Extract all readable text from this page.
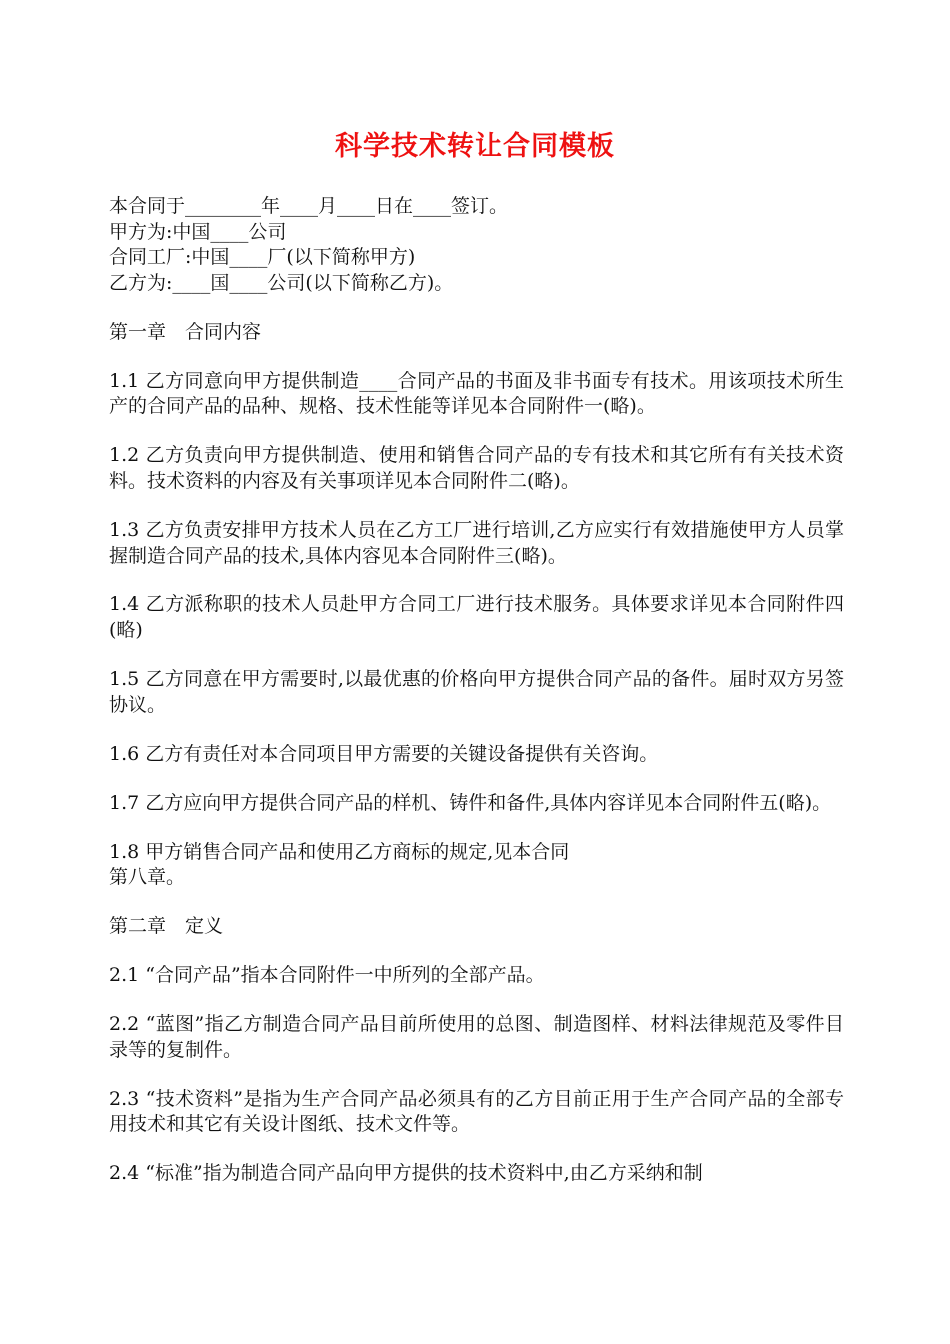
科学技术转让合同模板

本合同于________年____月____日在____签订。
甲方为:中国____公司
合同工厂:中国____厂(以下简称甲方)
乙方为:____国____公司(以下简称乙方)。

第一章　合同内容

1.1 乙方同意向甲方提供制造____合同产品的书面及非书面专有技术。用该项技术所生产的合同产品的品种、规格、技术性能等详见本合同附件一(略)。

1.2 乙方负责向甲方提供制造、使用和销售合同产品的专有技术和其它所有有关技术资料。技术资料的内容及有关事项详见本合同附件二(略)。

1.3 乙方负责安排甲方技术人员在乙方工厂进行培训,乙方应实行有效措施使甲方人员掌握制造合同产品的技术,具体内容见本合同附件三(略)。

1.4 乙方派称职的技术人员赴甲方合同工厂进行技术服务。具体要求详见本合同附件四(略)

1.5 乙方同意在甲方需要时,以最优惠的价格向甲方提供合同产品的备件。届时双方另签协议。

1.6 乙方有责任对本合同项目甲方需要的关键设备提供有关咨询。

1.7 乙方应向甲方提供合同产品的样机、铸件和备件,具体内容详见本合同附件五(略)。

1.8 甲方销售合同产品和使用乙方商标的规定,见本合同
第八章。

第二章　定义

2.1 “合同产品”指本合同附件一中所列的全部产品。

2.2 “蓝图”指乙方制造合同产品目前所使用的总图、制造图样、材料法律规范及零件目录等的复制件。

2.3 “技术资料”是指为生产合同产品必须具有的乙方目前正用于生产合同产品的全部专用技术和其它有关设计图纸、技术文件等。

2.4 “标准”指为制造合同产品向甲方提供的技术资料中,由乙方采纳和制
